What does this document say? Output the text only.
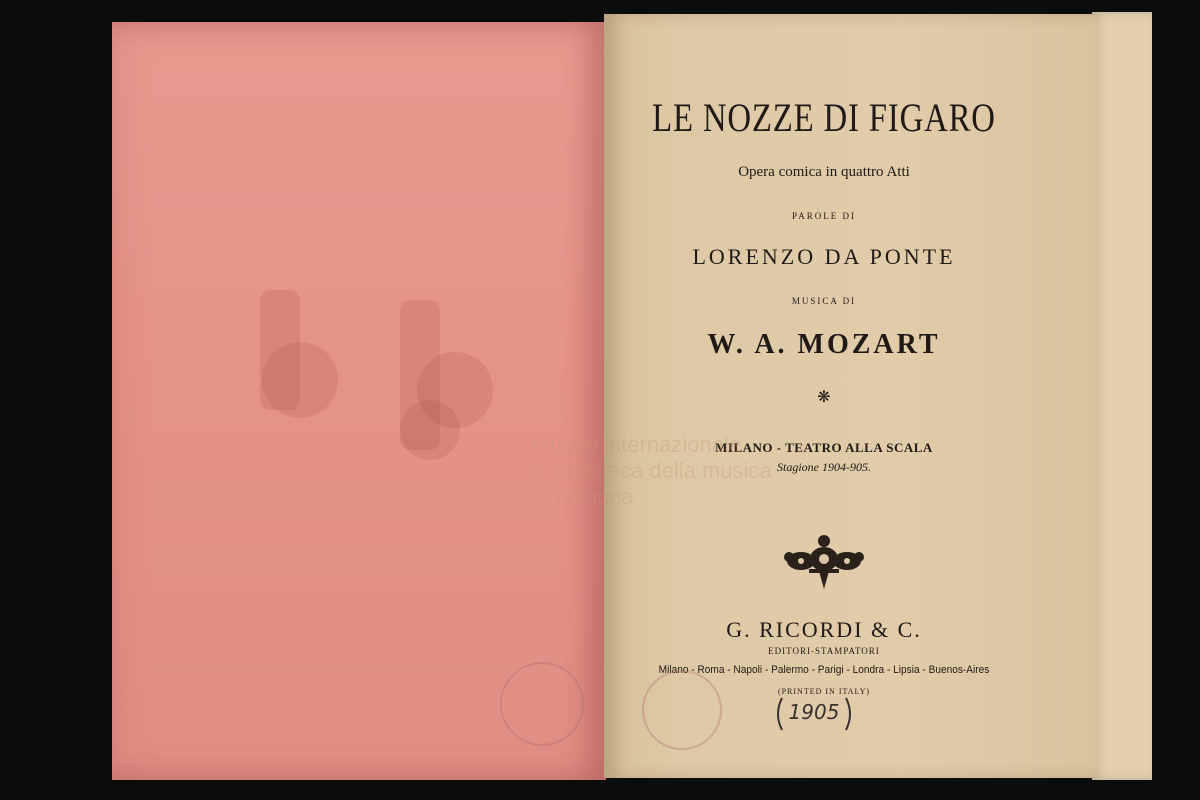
LE NOZZE DI FIGARO
Opera comica in quattro Atti
PAROLE DI
LORENZO DA PONTE
MUSICA DI
W. A. MOZART
❋
MILANO - TEATRO ALLA SCALA
Stagione 1904-905.
G. RICORDI & C.
EDITORI-STAMPATORI
Milano - Roma - Napoli - Palermo - Parigi - Londra - Lipsia - Buenos-Aires
(PRINTED IN ITALY)
1905
museo internazionale
e biblioteca della musica
di bologna
